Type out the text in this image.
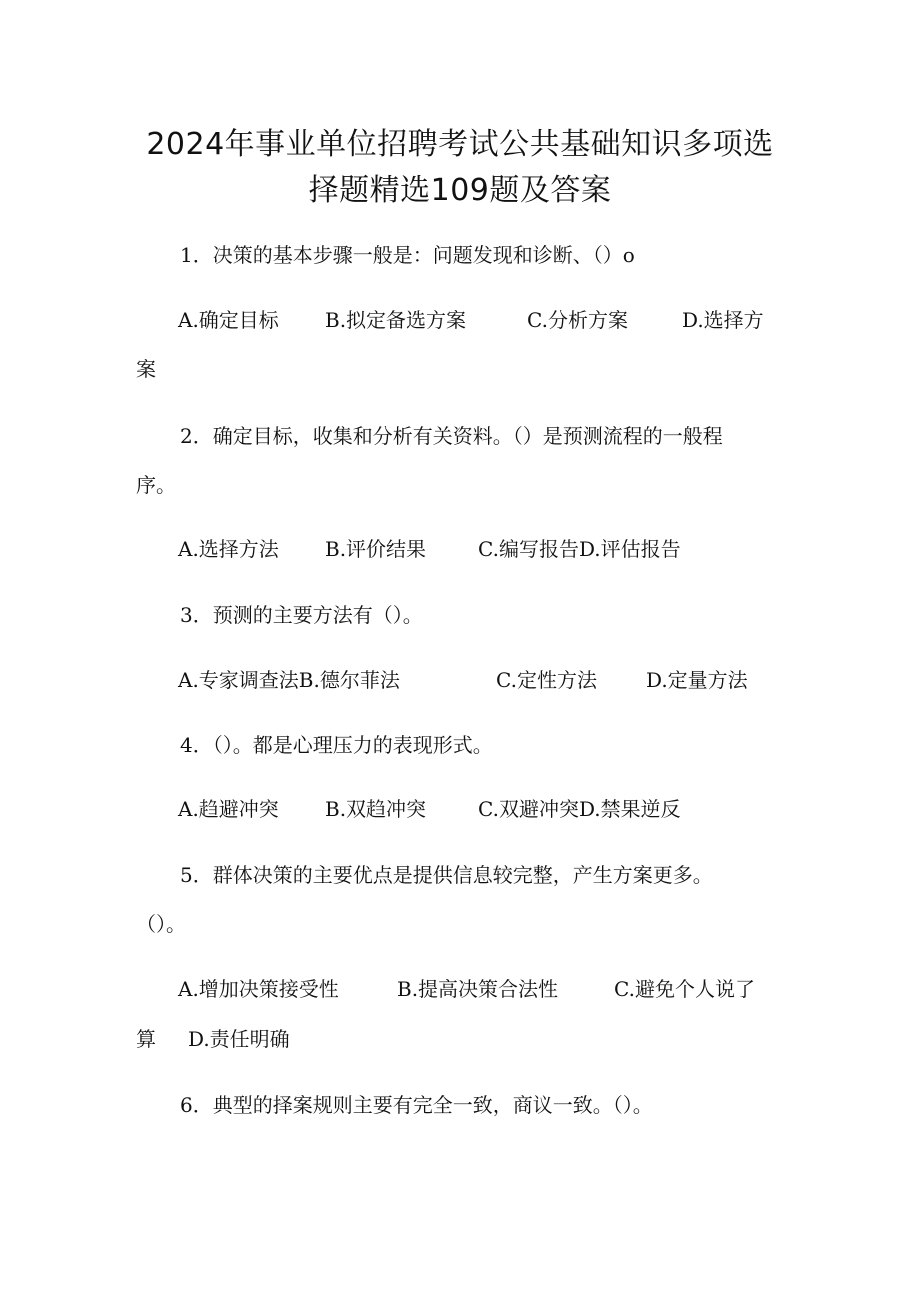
2024年事业单位招聘考试公共基础知识多项选
择题精选109题及答案
1．决策的基本步骤一般是：问题发现和诊断、（）o
A.确定目标 B.拟定备选方案	C.分析方案	D.选择方
案
2．确定目标，收集和分析有关资料。（）是预测流程的一般程
序。
A.选择方法 B.评价结果	C.编写报告D.评估报告
3．预测的主要方法有（）。
A.专家调查法B.德尔菲法	C.定性方法 D.定量方法
4．（）。都是心理压力的表现形式。
A.趋避冲突 B.双趋冲突	C.双避冲突D.禁果逆反
5．群体决策的主要优点是提供信息较完整，产生方案更多。
（）。
A.增加决策接受性	B.提高决策合法性	C.避免个人说了
算 D.责任明确
6．典型的择案规则主要有完全一致，商议一致。（）。
